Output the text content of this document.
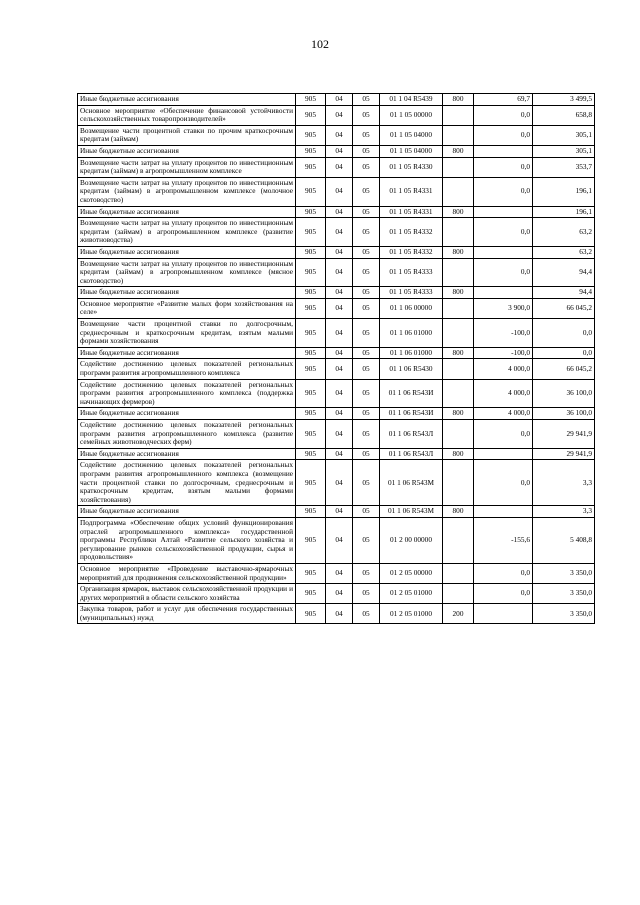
102
Иные бюджетные ассигнования	905	04	05	01 1 04 R5439	800	69,7	3 499,5
Основное мероприятие «Обеспечение финансовой устойчивости сельскохозяйственных товаропроизводителей»	905	04	05	01 1 05 00000		0,0	658,8
Возмещение части процентной ставки по прочим краткосрочным кредитам (займам)	905	04	05	01 1 05 04000		0,0	305,1
Иные бюджетные ассигнования	905	04	05	01 1 05 04000	800		305,1
Возмещение части затрат на уплату процентов по инвестиционным кредитам (займам) в агропромышленном комплексе	905	04	05	01 1 05 R4330		0,0	353,7
Возмещение части затрат на уплату процентов по инвестиционным кредитам (займам) в агропромышленном комплексе (молочное скотоводство)	905	04	05	01 1 05 R4331		0,0	196,1
Иные бюджетные ассигнования	905	04	05	01 1 05 R4331	800		196,1
Возмещение части затрат на уплату процентов по инвестиционным кредитам (займам) в агропромышленном комплексе (развитие животноводства)	905	04	05	01 1 05 R4332		0,0	63,2
Иные бюджетные ассигнования	905	04	05	01 1 05 R4332	800		63,2
Возмещение части затрат на уплату процентов по инвестиционным кредитам (займам) в агропромышленном комплексе (мясное скотоводство)	905	04	05	01 1 05 R4333		0,0	94,4
Иные бюджетные ассигнования	905	04	05	01 1 05 R4333	800		94,4
Основное мероприятие «Развитие малых форм хозяйствования на селе»	905	04	05	01 1 06 00000		3 900,0	66 045,2
Возмещение части процентной ставки по долгосрочным, среднесрочным и краткосрочным кредитам, взятым малыми формами хозяйствования	905	04	05	01 1 06 01000		-100,0	0,0
Иные бюджетные ассигнования	905	04	05	01 1 06 01000	800	-100,0	0,0
Содействие достижению целевых показателей региональных программ развития агропромышленного комплекса	905	04	05	01 1 06 R5430		4 000,0	66 045,2
Содействие достижению целевых показателей региональных программ развития агропромышленного комплекса (поддержка начинающих фермеров)	905	04	05	01 1 06 R543И		4 000,0	36 100,0
Иные бюджетные ассигнования	905	04	05	01 1 06 R543И	800	4 000,0	36 100,0
Содействие достижению целевых показателей региональных программ развития агропромышленного комплекса (развитие семейных животноводческих ферм)	905	04	05	01 1 06 R543Л		0,0	29 941,9
Иные бюджетные ассигнования	905	04	05	01 1 06 R543Л	800		29 941,9
Содействие достижению целевых показателей региональных программ развития агропромышленного комплекса (возмещение части процентной ставки по долгосрочным, среднесрочным и краткосрочным кредитам, взятым малыми формами хозяйствования)	905	04	05	01 1 06 R543М		0,0	3,3
Иные бюджетные ассигнования	905	04	05	01 1 06 R543М	800		3,3
Подпрограмма «Обеспечение общих условий функционирования отраслей агропромышленного комплекса» государственной программы Республики Алтай «Развитие сельского хозяйства и регулирование рынков сельскохозяйственной продукции, сырья и продовольствия»	905	04	05	01 2 00 00000		-155,6	5 408,8
Основное мероприятие «Проведение выставочно-ярмарочных мероприятий для продвижения сельскохозяйственной продукции»	905	04	05	01 2 05 00000		0,0	3 350,0
Организация ярмарок, выставок сельскохозяйственной продукции и других мероприятий в области сельского хозяйства	905	04	05	01 2 05 01000		0,0	3 350,0
Закупка товаров, работ и услуг для обеспечения государственных (муниципальных) нужд	905	04	05	01 2 05 01000	200		3 350,0
